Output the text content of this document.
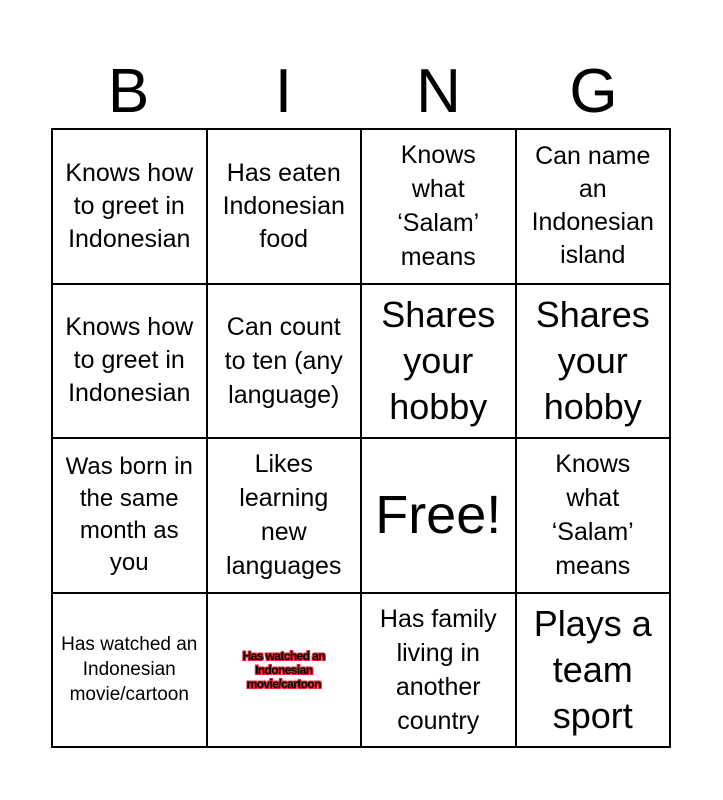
B	I	N	G
Knows how to greet in Indonesian
Has eaten Indonesian food
Knows what ‘Salam’ means
Can name an Indonesian island
Knows how to greet in Indonesian
Can count to ten (any language)
Shares your hobby
Shares your hobby
Was born in the same month as you
Likes learning new languages
Free!
Knows what ‘Salam’ means
Has watched an Indonesian movie/cartoon
Has watched an Indonesian movie/cartoon
Has family living in another country
Plays a team sport
